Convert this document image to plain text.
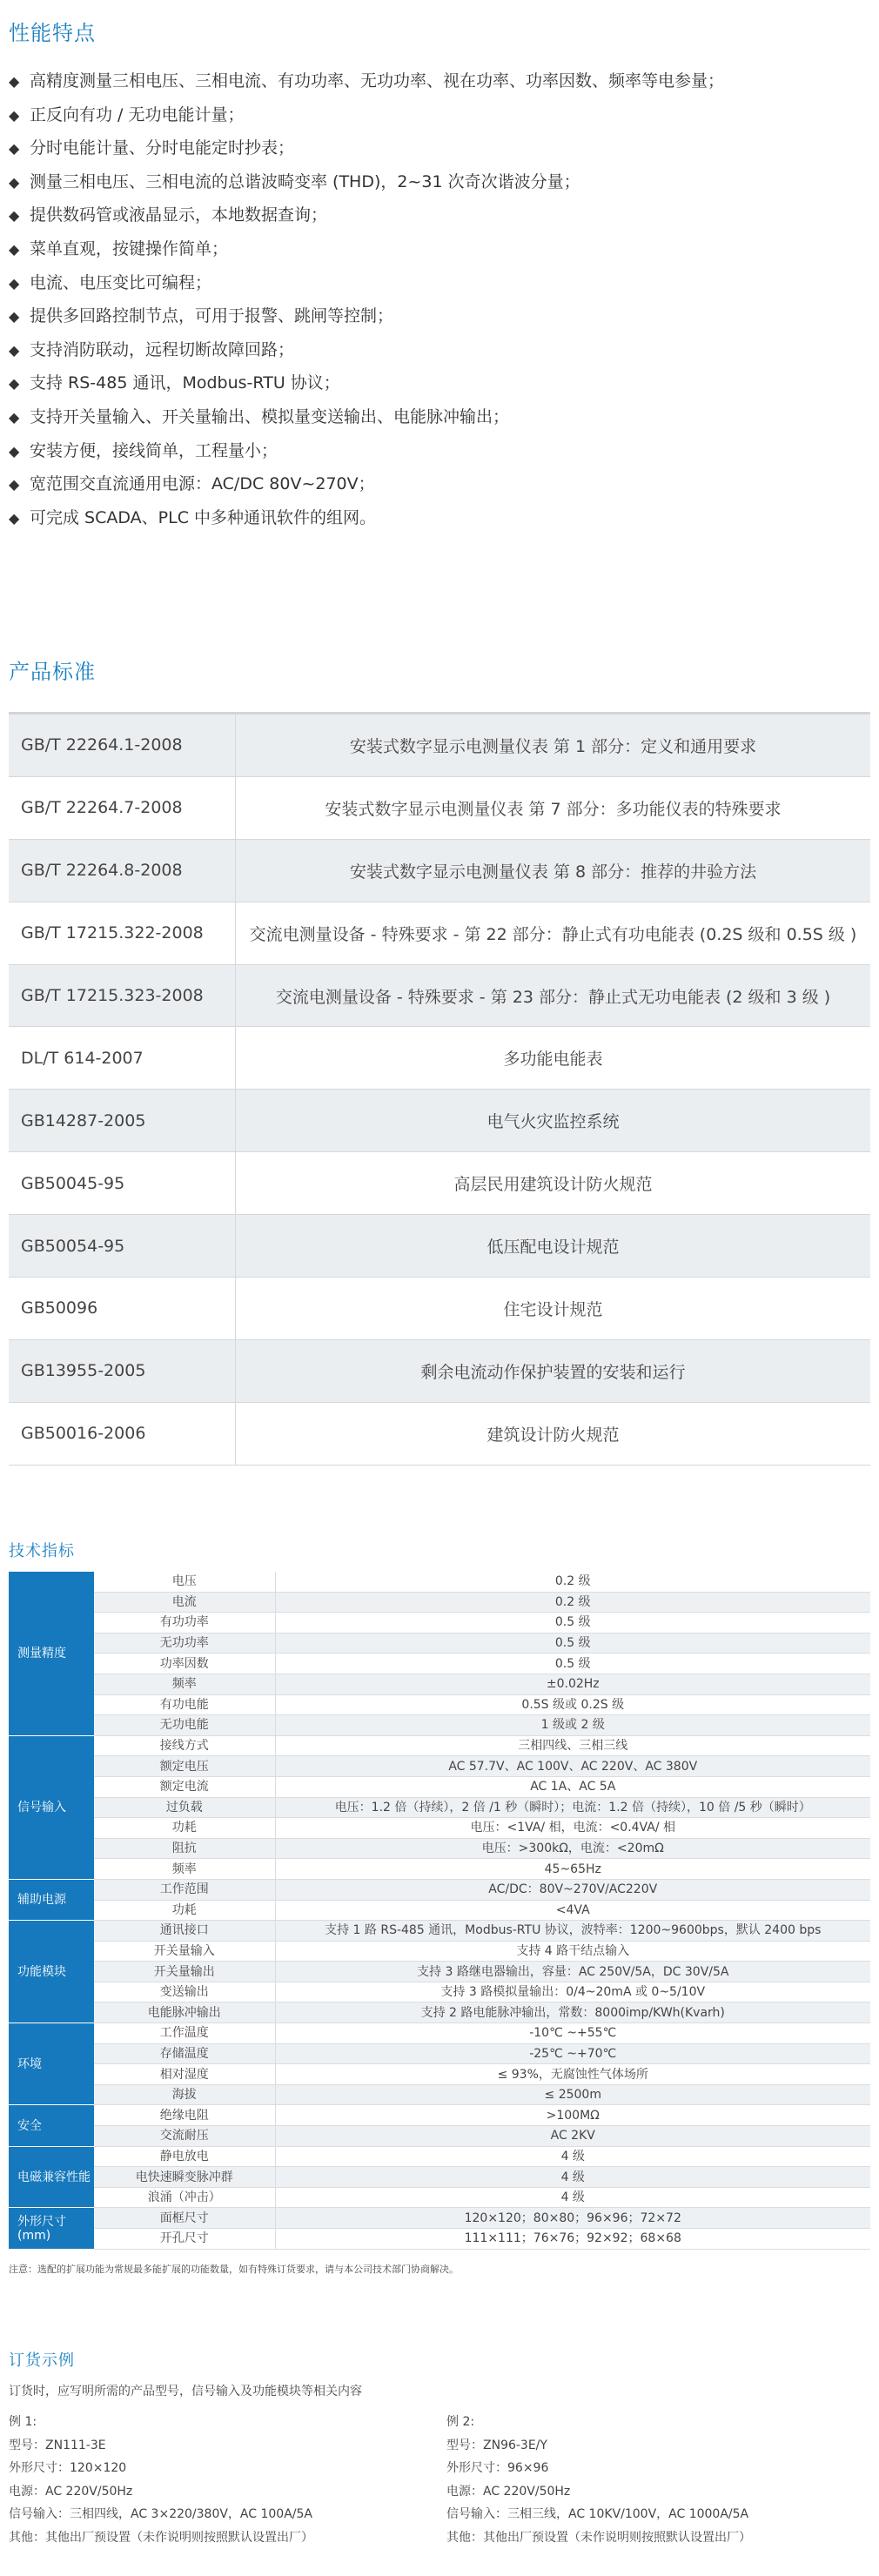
性能特点
◆ 高精度测量三相电压、三相电流、有功功率、无功功率、视在功率、功率因数、频率等电参量；
◆ 正反向有功 / 无功电能计量；
◆ 分时电能计量、分时电能定时抄表；
◆ 测量三相电压、三相电流的总谐波畸变率 (THD)，2~31 次奇次谐波分量；
◆ 提供数码管或液晶显示，本地数据查询；
◆ 菜单直观，按键操作简单；
◆ 电流、电压变比可编程；
◆ 提供多回路控制节点，可用于报警、跳闸等控制；
◆ 支持消防联动，远程切断故障回路；
◆ 支持 RS-485 通讯，Modbus-RTU 协议；
◆ 支持开关量输入、开关量输出、模拟量变送输出、电能脉冲输出；
◆ 安装方便，接线简单，工程量小；
◆ 宽范围交直流通用电源：AC/DC 80V~270V；
◆ 可完成 SCADA、PLC 中多种通讯软件的组网。
产品标准
GB/T 22264.1-2008	安装式数字显示电测量仪表 第 1 部分：定义和通用要求
GB/T 22264.7-2008	安装式数字显示电测量仪表 第 7 部分：多功能仪表的特殊要求
GB/T 22264.8-2008	安装式数字显示电测量仪表 第 8 部分：推荐的井验方法
GB/T 17215.322-2008	交流电测量设备 - 特殊要求 - 第 22 部分：静止式有功电能表 (0.2S 级和 0.5S 级 )
GB/T 17215.323-2008	交流电测量设备 - 特殊要求 - 第 23 部分：静止式无功电能表 (2 级和 3 级 )
DL/T 614-2007	多功能电能表
GB14287-2005	电气火灾监控系统
GB50045-95	高层民用建筑设计防火规范
GB50054-95	低压配电设计规范
GB50096	住宅设计规范
GB13955-2005	剩余电流动作保护装置的安装和运行
GB50016-2006	建筑设计防火规范
技术指标
测量精度	电压	0.2 级
	电流	0.2 级
	有功功率	0.5 级
	无功功率	0.5 级
	功率因数	0.5 级
	频率	±0.02Hz
	有功电能	0.5S 级或 0.2S 级
	无功电能	1 级或 2 级
信号输入	接线方式	三相四线、三相三线
	额定电压	AC 57.7V、AC 100V、AC 220V、AC 380V
	额定电流	AC 1A、AC 5A
	过负载	电压：1.2 倍（持续），2 倍 /1 秒（瞬时）；电流：1.2 倍（持续），10 倍 /5 秒（瞬时）
	功耗	电压：<1VA/ 相，电流：<0.4VA/ 相
	阻抗	电压：>300kΩ，电流：<20mΩ
	频率	45~65Hz
辅助电源	工作范围	AC/DC：80V~270V/AC220V
	功耗	<4VA
功能模块	通讯接口	支持 1 路 RS-485 通讯，Modbus-RTU 协议，波特率：1200~9600bps，默认 2400 bps
	开关量输入	支持 4 路干结点输入
	开关量输出	支持 3 路继电器输出，容量：AC 250V/5A，DC 30V/5A
	变送输出	支持 3 路模拟量输出：0/4~20mA 或 0~5/10V
	电能脉冲输出	支持 2 路电能脉冲输出，常数：8000imp/KWh(Kvarh)
环境	工作温度	-10℃ ~+55℃
	存储温度	-25℃ ~+70℃
	相对湿度	≤ 93%，无腐蚀性气体场所
	海拔	≤ 2500m
安全	绝缘电阻	>100MΩ
	交流耐压	AC 2KV
电磁兼容性能	静电放电	4 级
	电快速瞬变脉冲群	4 级
	浪涌（冲击）	4 级
外形尺寸 (mm)	面框尺寸	120×120；80×80；96×96；72×72
	开孔尺寸	111×111；76×76；92×92；68×68
注意：选配的扩展功能为常规最多能扩展的功能数量，如有特殊订货要求，请与本公司技术部门协商解决。
订货示例
订货时，应写明所需的产品型号，信号输入及功能模块等相关内容
例 1:
型号：ZN111-3E
外形尺寸：120×120
电源：AC 220V/50Hz
信号输入：三相四线，AC 3×220/380V，AC 100A/5A
其他：其他出厂预设置（未作说明则按照默认设置出厂）
例 2:
型号：ZN96-3E/Y
外形尺寸：96×96
电源：AC 220V/50Hz
信号输入：三相三线，AC 10KV/100V，AC 1000A/5A
其他：其他出厂预设置（未作说明则按照默认设置出厂）
